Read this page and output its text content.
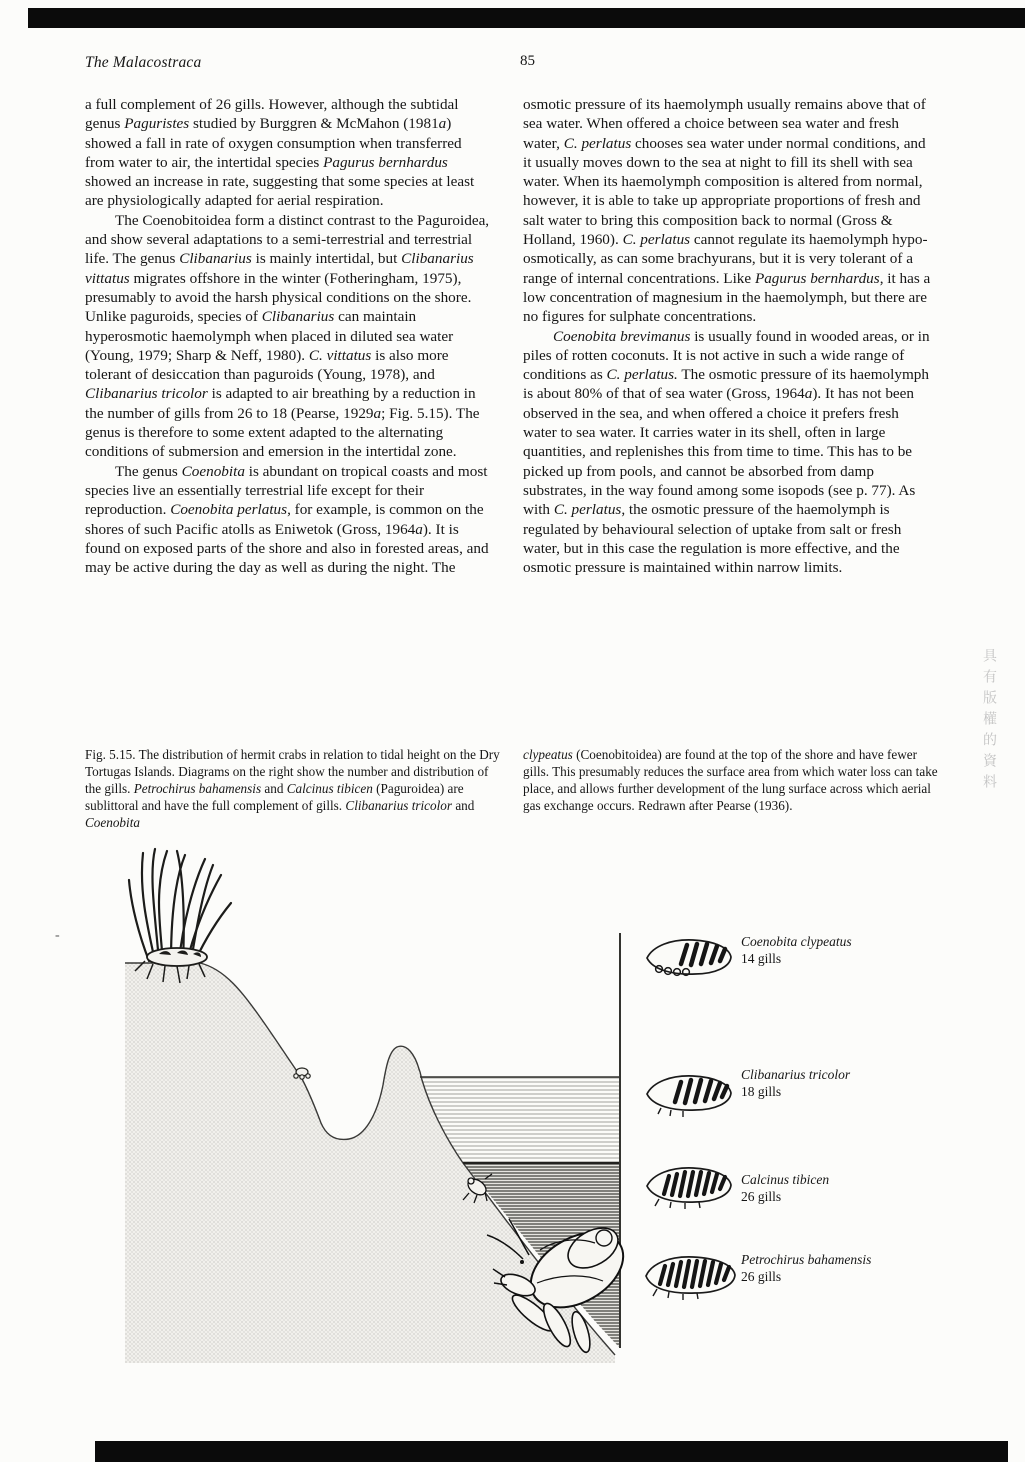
The Malacostraca	85

a full complement of 26 gills. However, although the subtidal genus Paguristes studied by Burggren & McMahon (1981a) showed a fall in rate of oxygen consumption when transferred from water to air, the intertidal species Pagurus bernhardus showed an increase in rate, suggesting that some species at least are physiologically adapted for aerial respiration.

The Coenobitoidea form a distinct contrast to the Paguroidea, and show several adaptations to a semi-terrestrial and terrestrial life. The genus Clibanarius is mainly intertidal, but Clibanarius vittatus migrates offshore in the winter (Fotheringham, 1975), presumably to avoid the harsh physical conditions on the shore. Unlike paguroids, species of Clibanarius can maintain hyperosmotic haemolymph when placed in diluted sea water (Young, 1979; Sharp & Neff, 1980). C. vittatus is also more tolerant of desiccation than paguroids (Young, 1978), and Clibanarius tricolor is adapted to air breathing by a reduction in the number of gills from 26 to 18 (Pearse, 1929a; Fig. 5.15). The genus is therefore to some extent adapted to the alternating conditions of submersion and emersion in the intertidal zone.

The genus Coenobita is abundant on tropical coasts and most species live an essentially terrestrial life except for their reproduction. Coenobita perlatus, for example, is common on the shores of such Pacific atolls as Eniwetok (Gross, 1964a). It is found on exposed parts of the shore and also in forested areas, and may be active during the day as well as during the night. The

osmotic pressure of its haemolymph usually remains above that of sea water. When offered a choice between sea water and fresh water, C. perlatus chooses sea water under normal conditions, and it usually moves down to the sea at night to fill its shell with sea water. When its haemolymph composition is altered from normal, however, it is able to take up appropriate proportions of fresh and salt water to bring this composition back to normal (Gross & Holland, 1960). C. perlatus cannot regulate its haemolymph hypo-osmotically, as can some brachyurans, but it is very tolerant of a range of internal concentrations. Like Pagurus bernhardus, it has a low concentration of magnesium in the haemolymph, but there are no figures for sulphate concentrations.

Coenobita brevimanus is usually found in wooded areas, or in piles of rotten coconuts. It is not active in such a wide range of conditions as C. perlatus. The osmotic pressure of its haemolymph is about 80% of that of sea water (Gross, 1964a). It has not been observed in the sea, and when offered a choice it prefers fresh water to sea water. It carries water in its shell, often in large quantities, and replenishes this from time to time. This has to be picked up from pools, and cannot be absorbed from damp substrates, in the way found among some isopods (see p. 77). As with C. perlatus, the osmotic pressure of the haemolymph is regulated by behavioural selection of uptake from salt or fresh water, but in this case the regulation is more effective, and the osmotic pressure is maintained within narrow limits.

Fig. 5.15. The distribution of hermit crabs in relation to tidal height on the Dry Tortugas Islands. Diagrams on the right show the number and distribution of the gills. Petrochirus bahamensis and Calcinus tibicen (Paguroidea) are sublittoral and have the full complement of gills. Clibanarius tricolor and Coenobita
clypeatus (Coenobitoidea) are found at the top of the shore and have fewer gills. This presumably reduces the surface area from which water loss can take place, and allows further development of the lung surface across which aerial gas exchange occurs. Redrawn after Pearse (1936).
-	Coenobita clypeatus
14 gills
Clibanarius tricolor
18 gills
Calcinus tibicen
26 gills
Petrochirus bahamensis
26 gills
具有版權的資料
